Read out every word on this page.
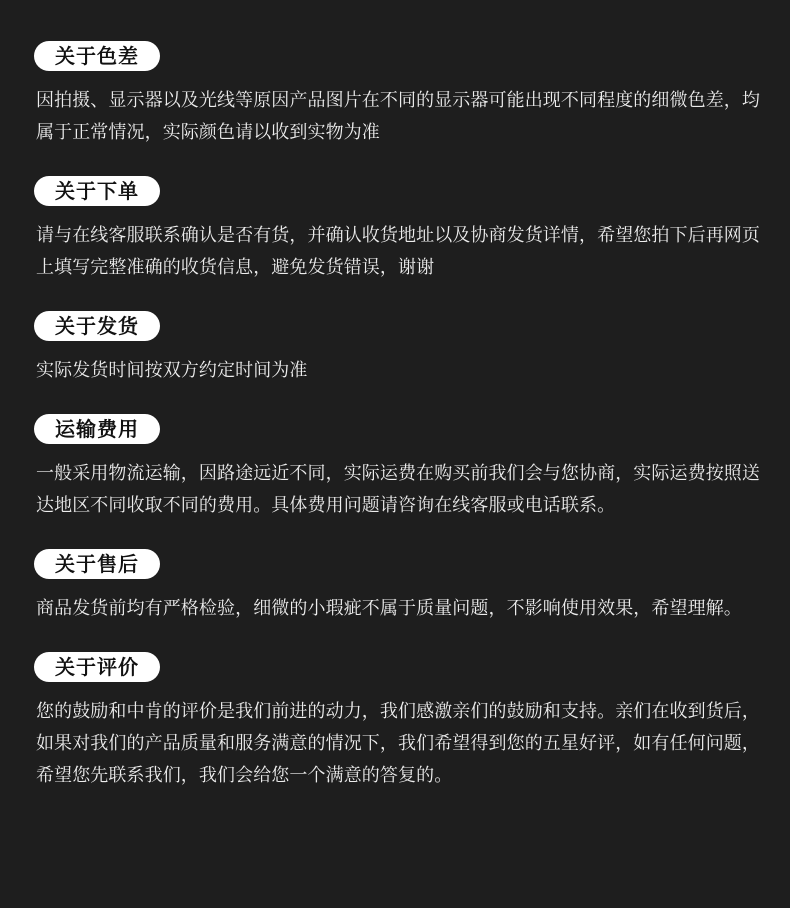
关于色差

因拍摄、显示器以及光线等原因产品图片在不同的显示器可能出现不同程度的细微色差，均属于正常情况，实际颜色请以收到实物为准

关于下单

请与在线客服联系确认是否有货，并确认收货地址以及协商发货详情，希望您拍下后再网页上填写完整准确的收货信息，避免发货错误，谢谢

关于发货

实际发货时间按双方约定时间为准

运输费用

一般采用物流运输，因路途远近不同，实际运费在购买前我们会与您协商，实际运费按照送达地区不同收取不同的费用。具体费用问题请咨询在线客服或电话联系。

关于售后

商品发货前均有严格检验，细微的小瑕疵不属于质量问题，不影响使用效果，希望理解。

关于评价

您的鼓励和中肯的评价是我们前进的动力，我们感激亲们的鼓励和支持。亲们在收到货后，如果对我们的产品质量和服务满意的情况下，我们希望得到您的五星好评，如有任何问题，希望您先联系我们，我们会给您一个满意的答复的。
